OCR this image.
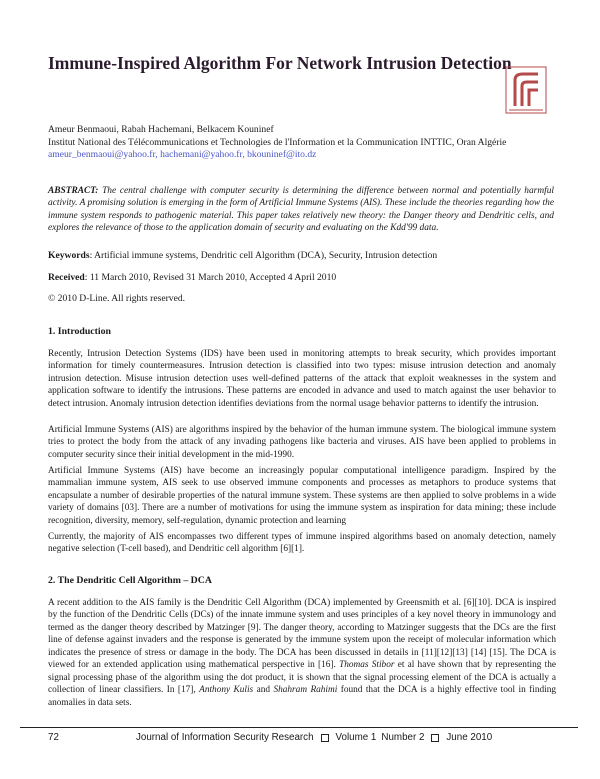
Immune-Inspired Algorithm For Network Intrusion Detection
Ameur Benmaoui, Rabah Hachemani, Belkacem Kouninef
Institut National des Télécommunications et Technologies de l'Information et la Communication INTTIC, Oran Algérie
ameur_benmaoui@yahoo.fr, hachemani@yahoo.fr, bkouninef@ito.dz
ABSTRACT: The central challenge with computer security is determining the difference between normal and potentially harmful activity. A promising solution is emerging in the form of Artificial Immune Systems (AIS). These include the theories regarding how the immune system responds to pathogenic material. This paper takes relatively new theory: the Danger theory and Dendritic cells, and explores the relevance of those to the application domain of security and evaluating on the Kdd'99 data.
Keywords: Artificial immune systems, Dendritic cell Algorithm (DCA), Security, Intrusion detection
Received: 11 March 2010, Revised 31 March 2010, Accepted 4 April 2010
© 2010 D-Line. All rights reserved.
1. Introduction
Recently, Intrusion Detection Systems (IDS) have been used in monitoring attempts to break security, which provides important information for timely countermeasures. Intrusion detection is classified into two types: misuse intrusion detection and anomaly intrusion detection. Misuse intrusion detection uses well-defined patterns of the attack that exploit weaknesses in the system and application software to identify the intrusions. These patterns are encoded in advance and used to match against the user behavior to detect intrusion. Anomaly intrusion detection identifies deviations from the normal usage behavior patterns to identify the intrusion.
Artificial Immune Systems (AIS) are algorithms inspired by the behavior of the human immune system. The biological immune system tries to protect the body from the attack of any invading pathogens like bacteria and viruses. AIS have been applied to problems in computer security since their initial development in the mid-1990.
Artificial Immune Systems (AIS) have become an increasingly popular computational intelligence paradigm. Inspired by the mammalian immune system, AIS seek to use observed immune components and processes as metaphors to produce systems that encapsulate a number of desirable properties of the natural immune system. These systems are then applied to solve problems in a wide variety of domains [03]. There are a number of motivations for using the immune system as inspiration for data mining; these include recognition, diversity, memory, self-regulation, dynamic protection and learning
Currently, the majority of AIS encompasses two different types of immune inspired algorithms based on anomaly detection, namely negative selection (T-cell based), and Dendritic cell algorithm [6][1].
2. The Dendritic Cell Algorithm – DCA
A recent addition to the AIS family is the Dendritic Cell Algorithm (DCA) implemented by Greensmith et al. [6][10]. DCA is inspired by the function of the Dendritic Cells (DCs) of the innate immune system and uses principles of a key novel theory in immunology and termed as the danger theory described by Matzinger [9]. The danger theory, according to Matzinger suggests that the DCs are the first line of defense against invaders and the response is generated by the immune system upon the receipt of molecular information which indicates the presence of stress or damage in the body. The DCA has been discussed in details in [11][12][13] [14] [15]. The DCA is viewed for an extended application using mathematical perspective in [16]. Thomas Stibor et al have shown that by representing the signal processing phase of the algorithm using the dot product, it is shown that the signal processing element of the DCA is actually a collection of linear classifiers. In [17], Anthony Kulis and Shahram Rahimi found that the DCA is a highly effective tool in finding anomalies in data sets.
72	Journal of Information Security Research Volume 1 Number 2 June 2010
